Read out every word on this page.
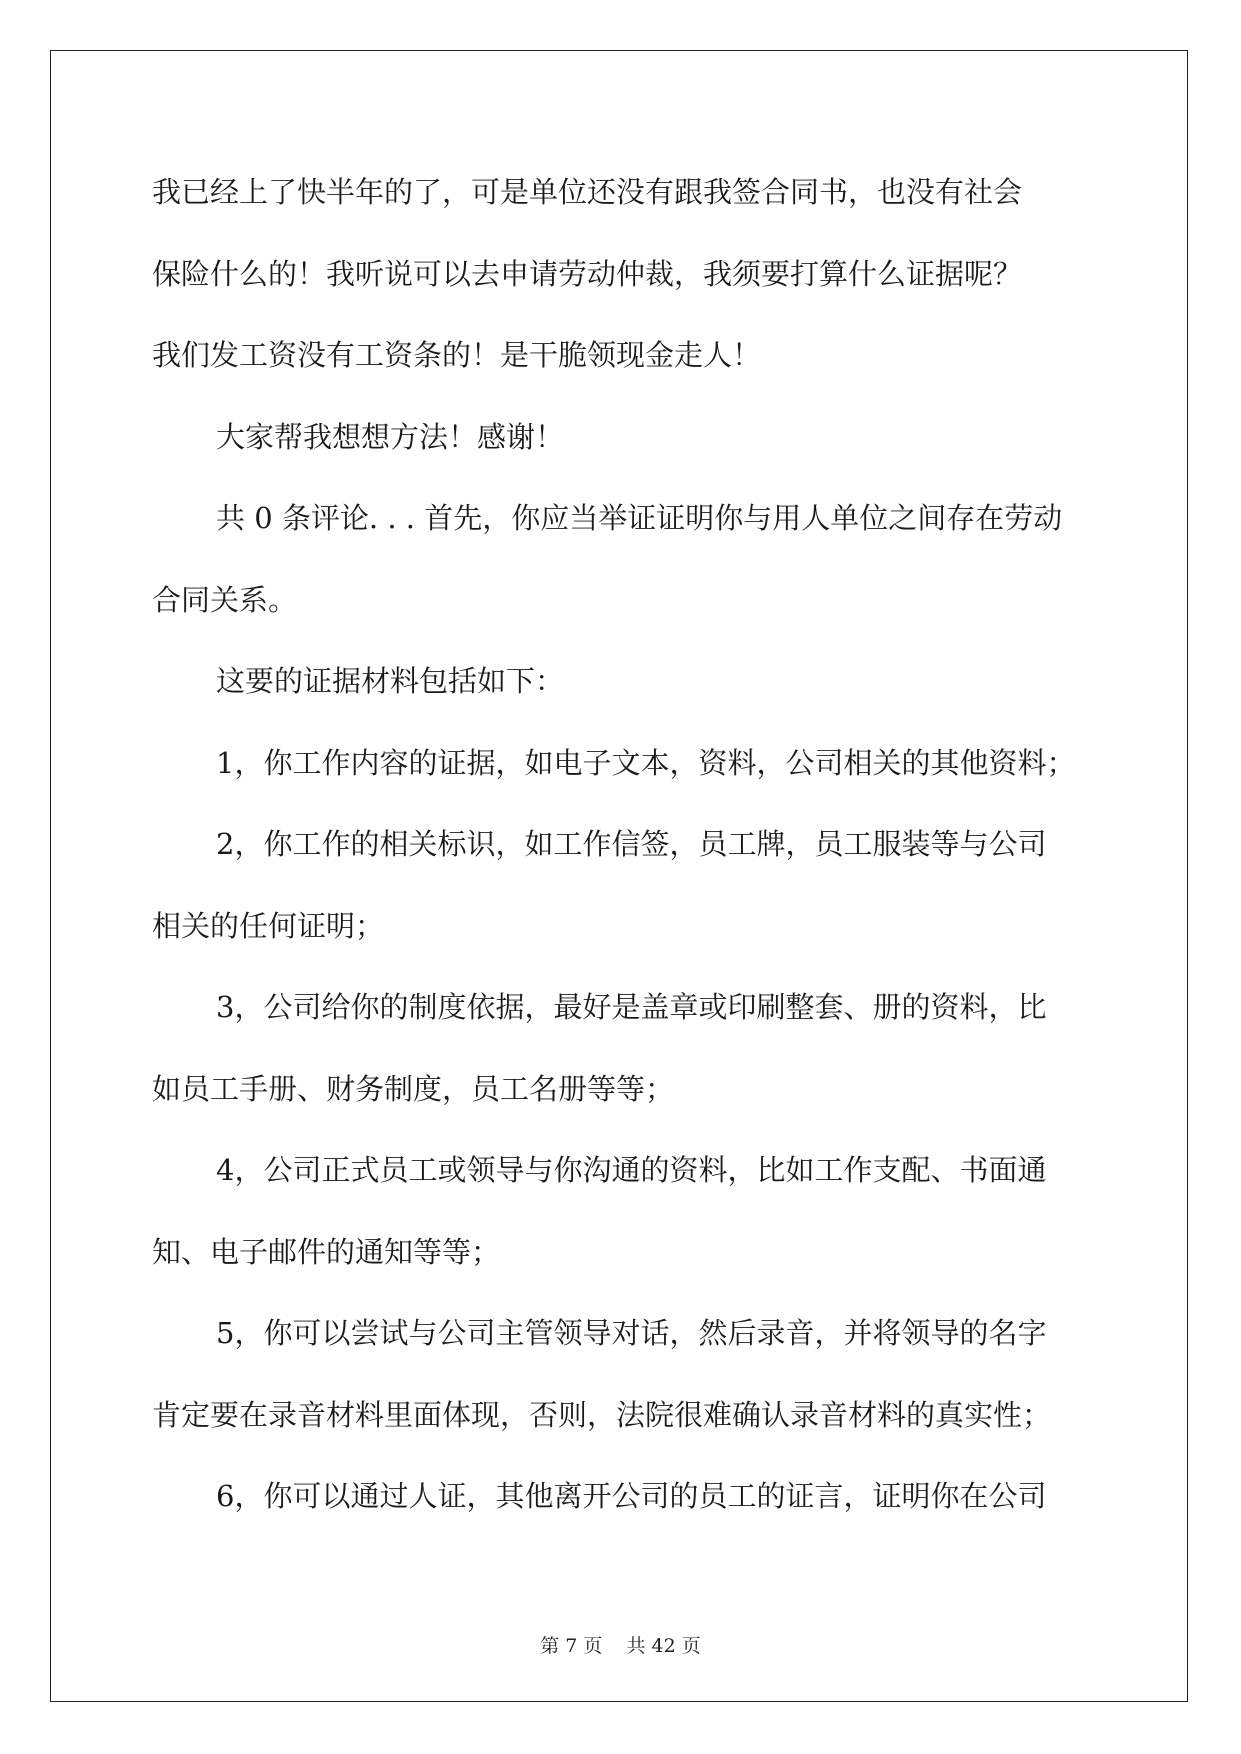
我已经上了快半年的了，可是单位还没有跟我签合同书，也没有社会
保险什么的！我听说可以去申请劳动仲裁，我须要打算什么证据呢？
我们发工资没有工资条的！是干脆领现金走人！
大家帮我想想方法！感谢！
共 0 条评论. . . 首先，你应当举证证明你与用人单位之间存在劳动
合同关系。
这要的证据材料包括如下：
1，你工作内容的证据，如电子文本，资料，公司相关的其他资料；
2，你工作的相关标识，如工作信签，员工牌，员工服装等与公司
相关的任何证明；
3，公司给你的制度依据，最好是盖章或印刷整套、册的资料，比
如员工手册、财务制度，员工名册等等；
4，公司正式员工或领导与你沟通的资料，比如工作支配、书面通
知、电子邮件的通知等等；
5，你可以尝试与公司主管领导对话，然后录音，并将领导的名字
肯定要在录音材料里面体现，否则，法院很难确认录音材料的真实性；
6，你可以通过人证，其他离开公司的员工的证言，证明你在公司
第 7 页 共 42 页
